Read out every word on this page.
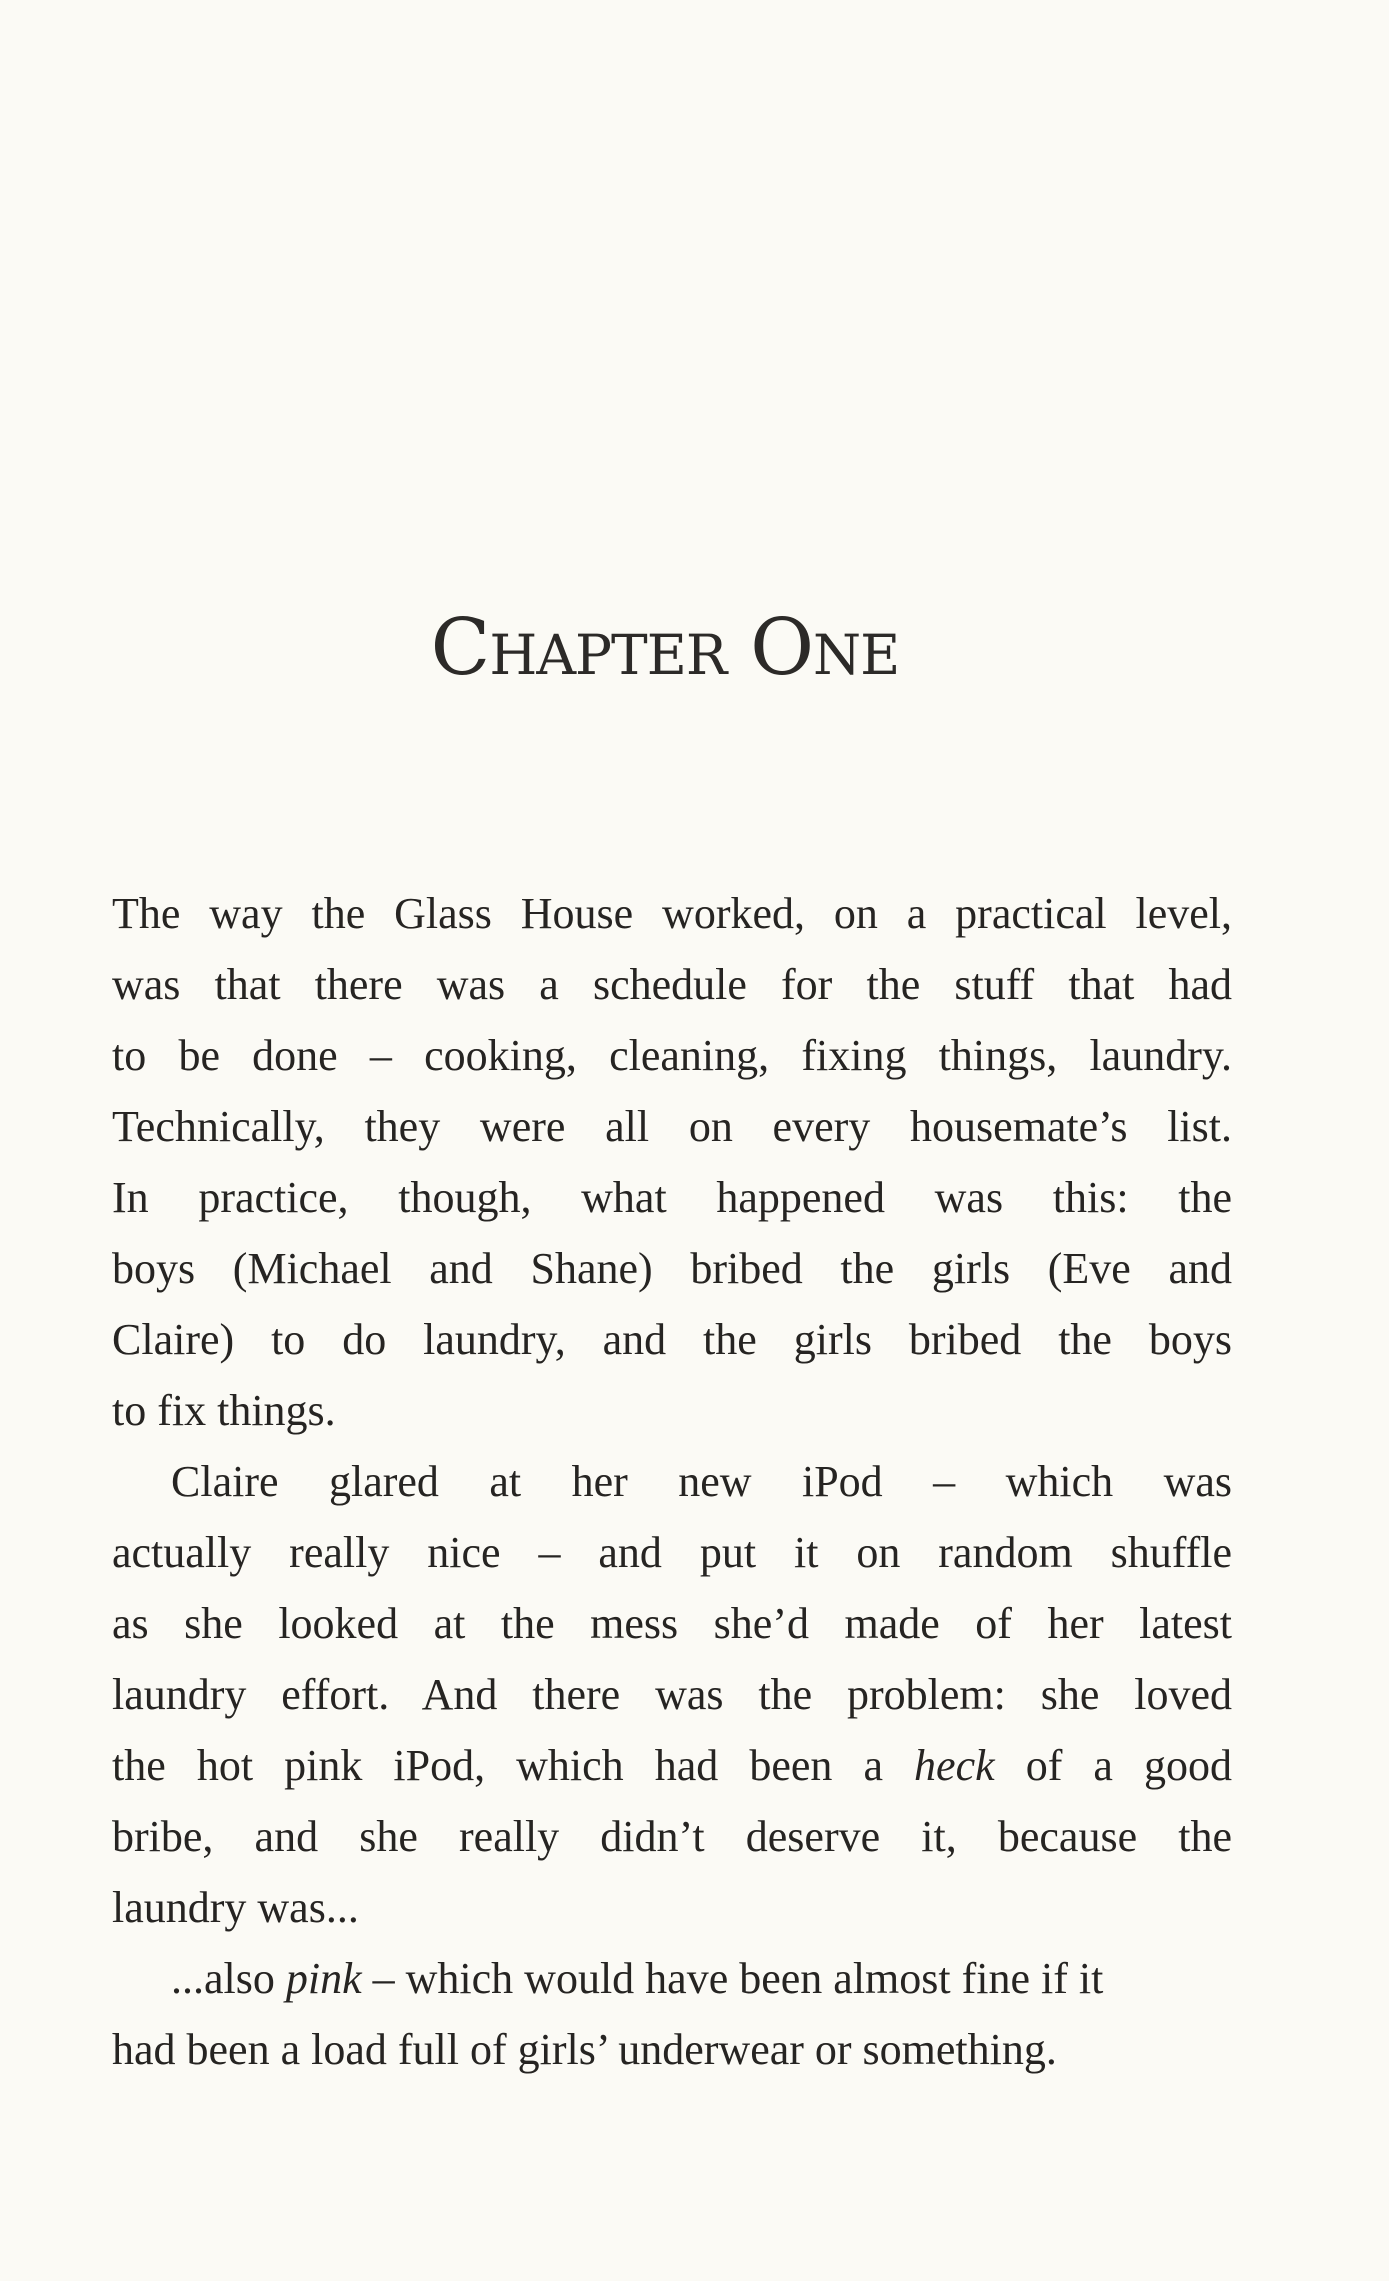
Chapter One
The way the Glass House worked, on a practical level,
was that there was a schedule for the stuff that had
to be done – cooking, cleaning, fixing things, laundry.
Technically, they were all on every housemate’s list.
In practice, though, what happened was this: the
boys (Michael and Shane) bribed the girls (Eve and
Claire) to do laundry, and the girls bribed the boys
to fix things.
Claire glared at her new iPod – which was
actually really nice – and put it on random shuffle
as she looked at the mess she’d made of her latest
laundry effort. And there was the problem: she loved
the hot pink iPod, which had been a heck of a good
bribe, and she really didn’t deserve it, because the
laundry was...
...also pink – which would have been almost fine if it
had been a load full of girls’ underwear or something.
